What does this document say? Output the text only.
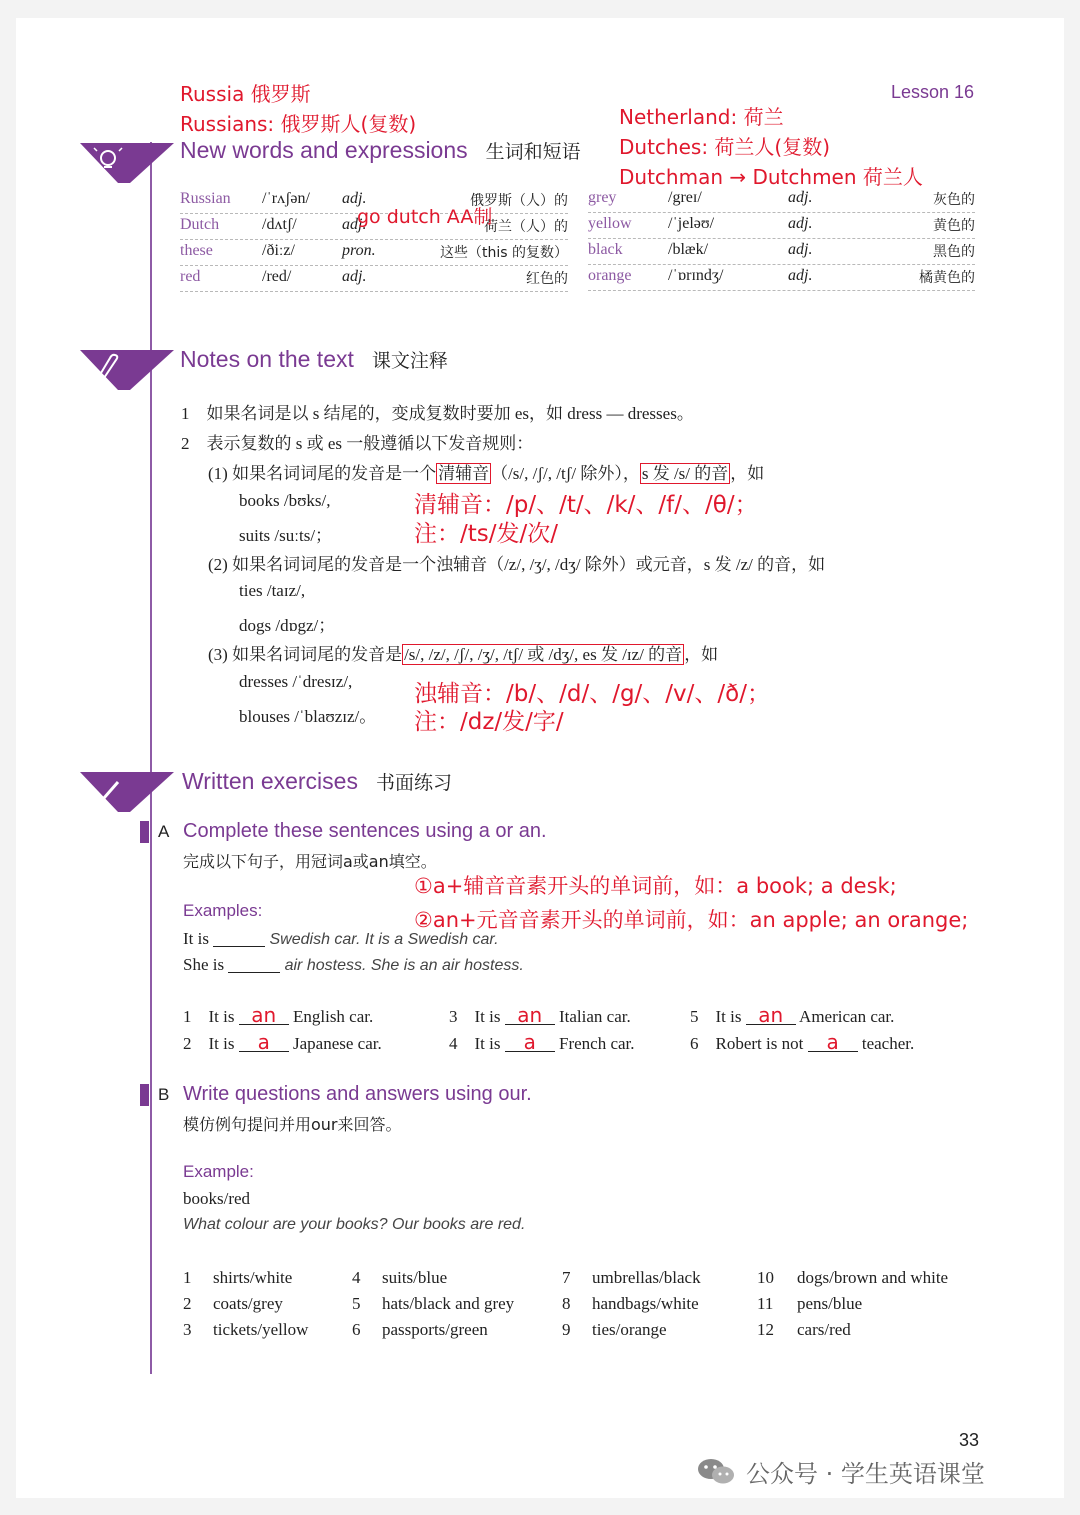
Lesson 16
Russia 俄罗斯
Russians: 俄罗斯人(复数)	Netherland: 荷兰
Dutches: 荷兰人(复数)
Dutchman → Dutchmen 荷兰人
New words and expressions 生词和短语
Russian /ˈrʌʃən/ adj.	俄罗斯（人）的
Dutch	/dʌtʃ/	adj.	荷兰（人）的
these	/ðiːz/	pron.	这些（this 的复数）
red	/red/	adj.	红色的
go dutch AA制
grey	/greɪ/	adj.	灰色的
yellow /ˈjeləʊ/	adj.	黄色的
black	/blæk/	adj.	黑色的
orange /ˈɒrɪndʒ/	adj.	橘黄色的
Notes on the text 课文注释
1　如果名词是以 s 结尾的，变成复数时要加 es，如 dress — dresses。
2　表示复数的 s 或 es 一般遵循以下发音规则：
(1) 如果名词词尾的发音是一个 清辅音 （/s/, /ʃ/, /tʃ/ 除外）， s 发 /s/ 的音 ，如
books /bʊks/,
suits /suːts/；
清辅音：/p/、/t/、/k/、/f/、/θ/；
注：/ts/发/次/
(2) 如果名词词尾的发音是一个浊辅音（/z/, /ʒ/, /dʒ/ 除外）或元音，s 发 /z/ 的音，如
ties /taɪz/,
dogs /dɒgz/；
(3) 如果名词词尾的发音是 /s/, /z/, /ʃ/, /ʒ/, /tʃ/ 或 /dʒ/, es 发 /ɪz/ 的音 ，如
dresses /ˈdresɪz/,
blouses /ˈblaʊzɪz/。
浊辅音：/b/、/d/、/g/、/v/、/ð/；
注：/dz/发/字/
Written exercises 书面练习
A Complete these sentences using a or an.
完成以下句子，用冠词a或an填空。
①a+辅音音素开头的单词前，如：a book; a desk;
②an+元音音素开头的单词前，如：an apple; an orange;
Examples:
It is	Swedish car. It is a Swedish car.
She is	air hostess. She is an air hostess.
1 It is an English car.
2 It is a Japanese car.
3 It is an Italian car.
4 It is a French car.
5 It is an American car.
6 Robert is not a teacher.
B Write questions and answers using our.
模仿例句提问并用our来回答。
Example:
books/red
What colour are your books? Our books are red.
1 shirts/white
2 coats/grey
3 tickets/yellow
4 suits/blue
5 hats/black and grey
6 passports/green
7 umbrellas/black
8 handbags/white
9 ties/orange
10 dogs/brown and white
11 pens/blue
12 cars/red
33
公众号 · 学生英语课堂
